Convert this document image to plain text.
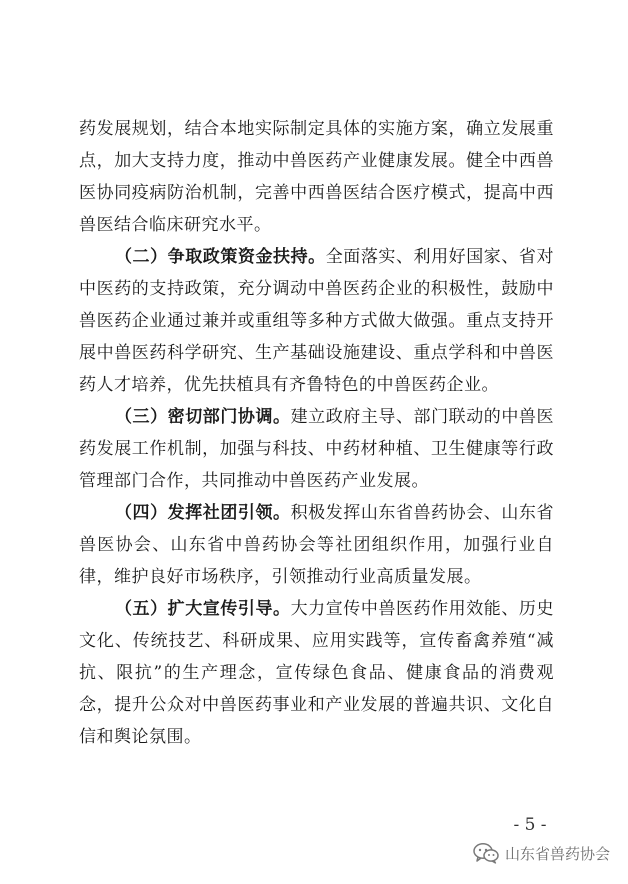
药发展规划，结合本地实际制定具体的实施方案，确立发展重点，加大支持力度，推动中兽医药产业健康发展。健全中西兽医协同疫病防治机制，完善中西兽医结合医疗模式，提高中西兽医结合临床研究水平。

（二）争取政策资金扶持。全面落实、利用好国家、省对中医药的支持政策，充分调动中兽医药企业的积极性，鼓励中兽医药企业通过兼并或重组等多种方式做大做强。重点支持开展中兽医药科学研究、生产基础设施建设、重点学科和中兽医药人才培养，优先扶植具有齐鲁特色的中兽医药企业。

（三）密切部门协调。建立政府主导、部门联动的中兽医药发展工作机制，加强与科技、中药材种植、卫生健康等行政管理部门合作，共同推动中兽医药产业发展。

（四）发挥社团引领。积极发挥山东省兽药协会、山东省兽医协会、山东省中兽药协会等社团组织作用，加强行业自律，维护良好市场秩序，引领推动行业高质量发展。

（五）扩大宣传引导。大力宣传中兽医药作用效能、历史文化、传统技艺、科研成果、应用实践等，宣传畜禽养殖“减抗、限抗”的生产理念，宣传绿色食品、健康食品的消费观念，提升公众对中兽医药事业和产业发展的普遍共识、文化自信和舆论氛围。

- 5 -
山东省兽药协会
